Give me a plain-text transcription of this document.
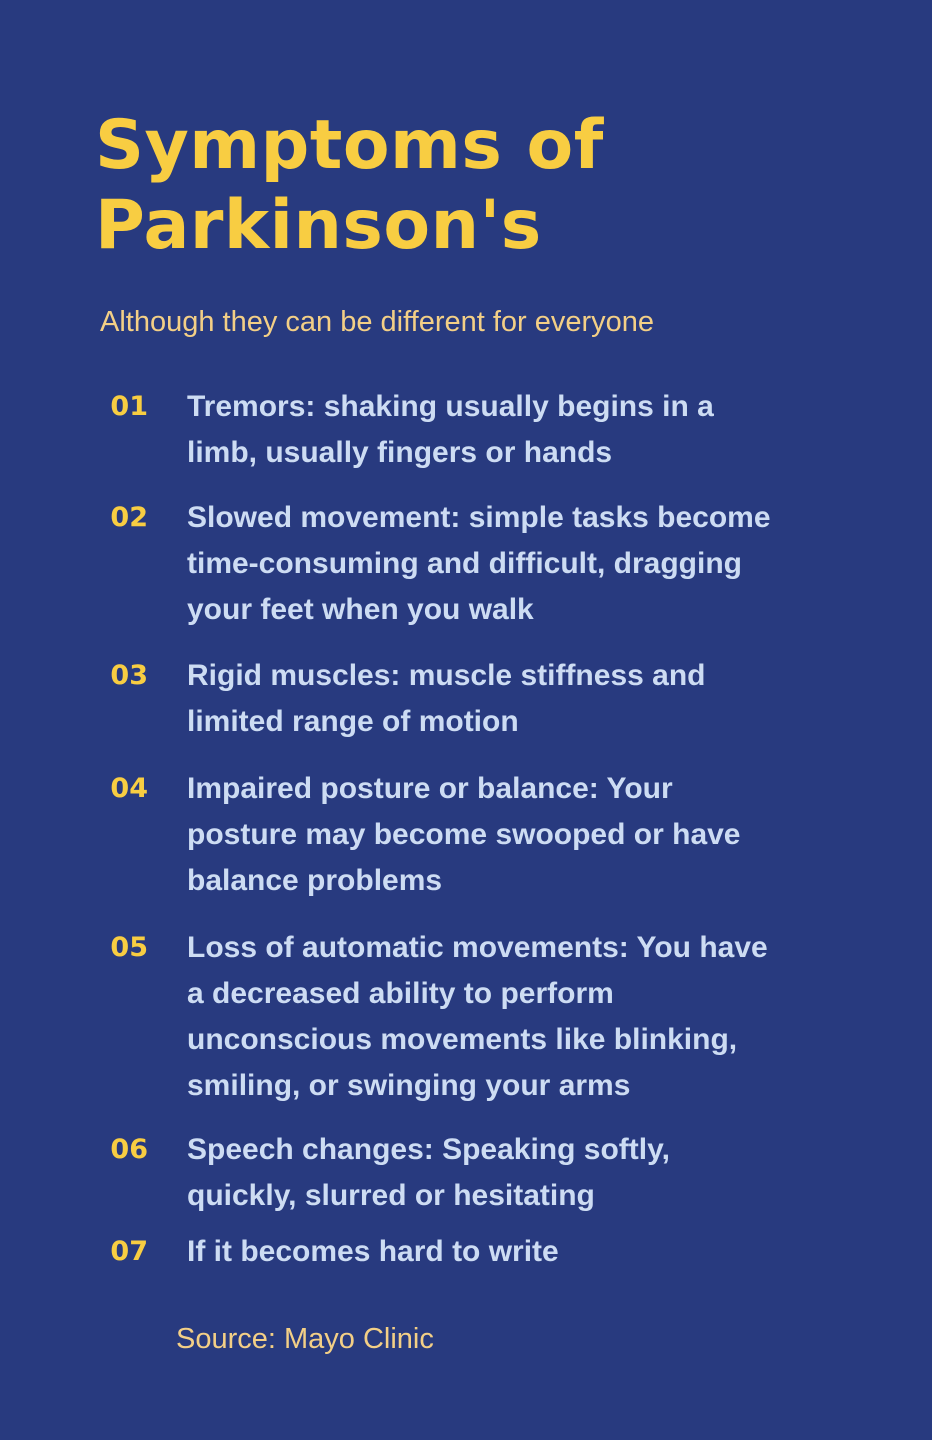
Symptoms of
Parkinson's

Although they can be different for everyone

01 Tremors: shaking usually begins in a
limb, usually fingers or hands
02 Slowed movement: simple tasks become
time-consuming and difficult, dragging
your feet when you walk
03 Rigid muscles: muscle stiffness and
limited range of motion
04 Impaired posture or balance: Your
posture may become swooped or have
balance problems
05 Loss of automatic movements: You have
a decreased ability to perform
unconscious movements like blinking,
smiling, or swinging your arms
06 Speech changes: Speaking softly,
quickly, slurred or hesitating
07 If it becomes hard to write

Source: Mayo Clinic
